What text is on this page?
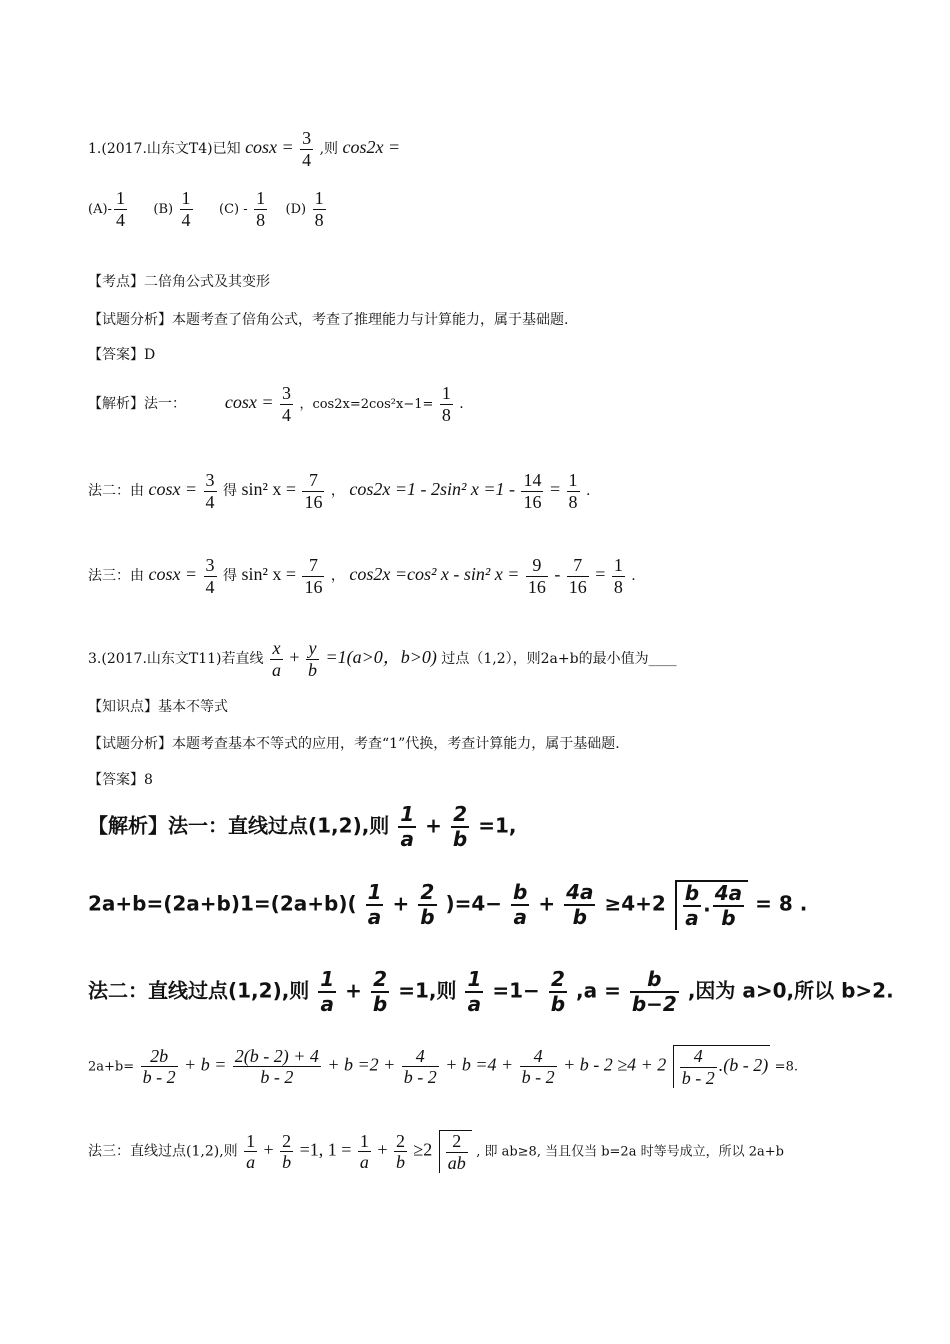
1.(2017.山东文T4)已知 $\cos x = \frac{3}{4}$ ,则 cos2x =
$(A)- \frac{1}{4} (B) \frac{1}{4} (C) - \frac{1}{8} (D) \frac{1}{8}$
【考点】二倍角公式及其变形
【试题分析】本题考查了倍角公式，考查了推理能力与计算能力，属于基础题.
【答案】D
【解析】法一： $\cos x = \frac{3}{4}$ ，$\cos 2x=2\cos^2x-1= \frac{1}{8}$ .
法二：由 $\cos x = \frac{3}{4}$ 得 sin² $x = \frac{7}{16}$ ， cos2x =1 - 2sin² $x =1 - \frac{14}{16} = \frac{1}{8}$ .
法三：由 $\cos x = \frac{3}{4}$ 得 sin² $x = \frac{7}{16}$ ， cos2x =cos² x - sin² $x = \frac{9}{16} - \frac{7}{16} = \frac{1}{8}$ .
3.(2017.山东文T11)若直线 $\frac{x}{a} + \frac{y}{b} =1(a>0$，b>0) 过点（1,2），则2a+b的最小值为____
【知识点】基本不等式
【试题分析】本题考查基本不等式的应用，考查“1”代换，考查计算能力，属于基础题.
【答案】8
【解析】法一：直线过点(1,2),则 $\frac{1}{a} + \frac{2}{b} =1$,
$2a+b=(2a+b)1=(2a+b)( \frac{1}{a} + \frac{2}{b} )=4- \frac{b}{a} + \frac{4a}{b} \ge 4+2 \frac{b}{a}$ . $\frac{4a}{b} = 8$ .
法二：直线过点(1,2),则 $\frac{1}{a} + \frac{2}{b} =1$,则 $\frac{1}{a} =1- \frac{2}{b} ,a = \frac{b}{b-2}$ ,因为 a>0,所以 b>2.
$2a+b= \frac{2b}{b - 2} + b = \frac{2(b - 2) + 4}{b - 2} + b =2 + \frac{4}{b - 2} + b =4 + \frac{4}{b - 2} + b - 2 \ge 4 + 2 \frac{4}{b - 2} .(b - 2) =8$.
法三：直线过点(1,2),则 $\frac{1}{a} + \frac{2}{b} =1$, $1 = \frac{1}{a} + \frac{2}{b} \ge 2 \frac{2}{ab}$ , 即 ab≥8, 当且仅当 b=2a 时等号成立，所以 2a+b
